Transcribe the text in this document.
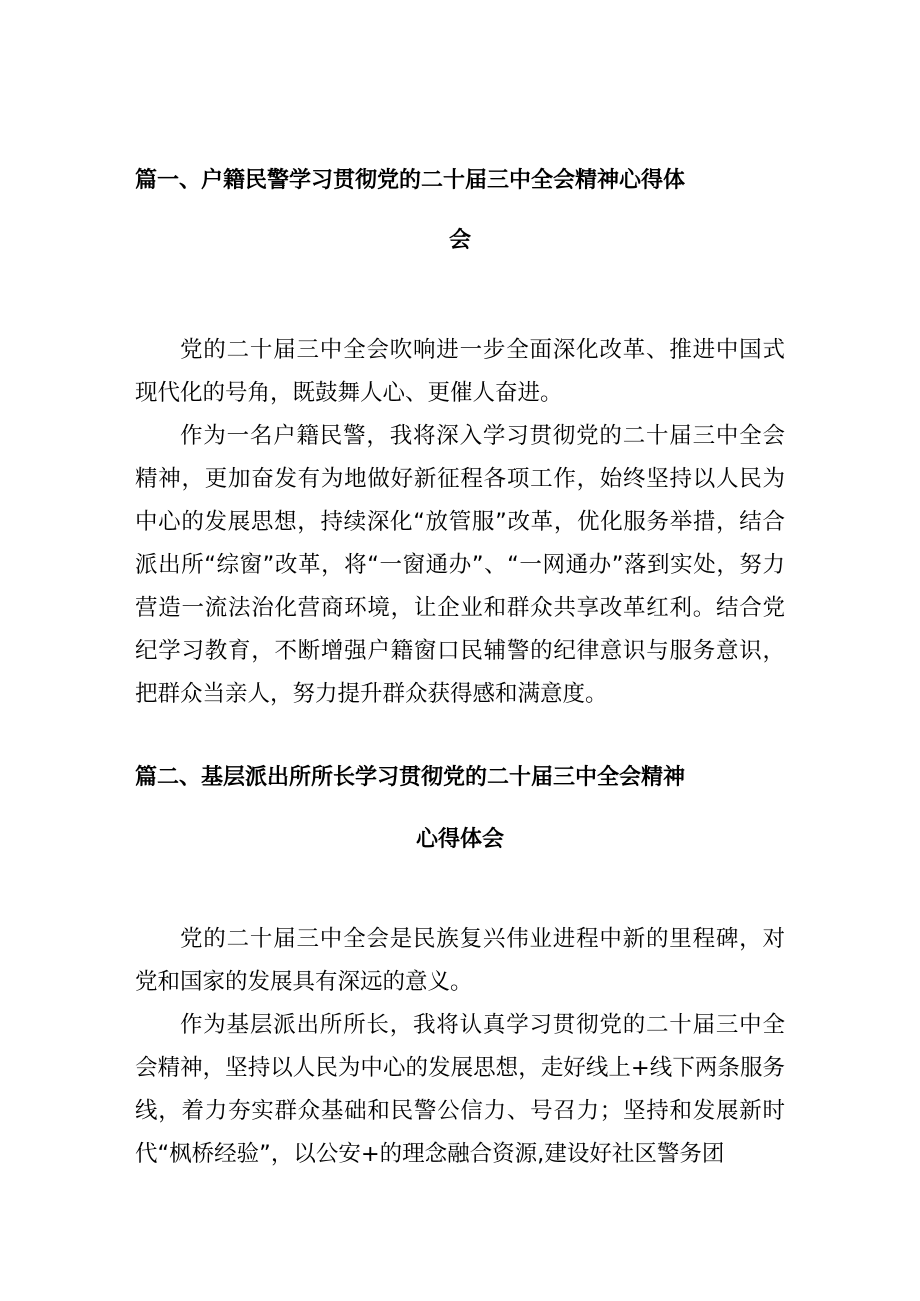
篇一、户籍民警学习贯彻党的二十届三中全会精神心得体
会

党的二十届三中全会吹响进一步全面深化改革、推进中国式现代化的号角，既鼓舞人心、更催人奋进。

作为一名户籍民警，我将深入学习贯彻党的二十届三中全会精神，更加奋发有为地做好新征程各项工作，始终坚持以人民为中心的发展思想，持续深化“放管服”改革，优化服务举措，结合派出所“综窗”改革，将“一窗通办”、“一网通办”落到实处，努力营造一流法治化营商环境，让企业和群众共享改革红利。结合党纪学习教育，不断增强户籍窗口民辅警的纪律意识与服务意识，把群众当亲人，努力提升群众获得感和满意度。

篇二、基层派出所所长学习贯彻党的二十届三中全会精神
心得体会

党的二十届三中全会是民族复兴伟业进程中新的里程碑，对党和国家的发展具有深远的意义。

作为基层派出所所长，我将认真学习贯彻党的二十届三中全会精神，坚持以人民为中心的发展思想，走好线上+线下两条服务线，着力夯实群众基础和民警公信力、号召力；坚持和发展新时代“枫桥经验”，以公安+的理念融合资源,建设好社区警务团
